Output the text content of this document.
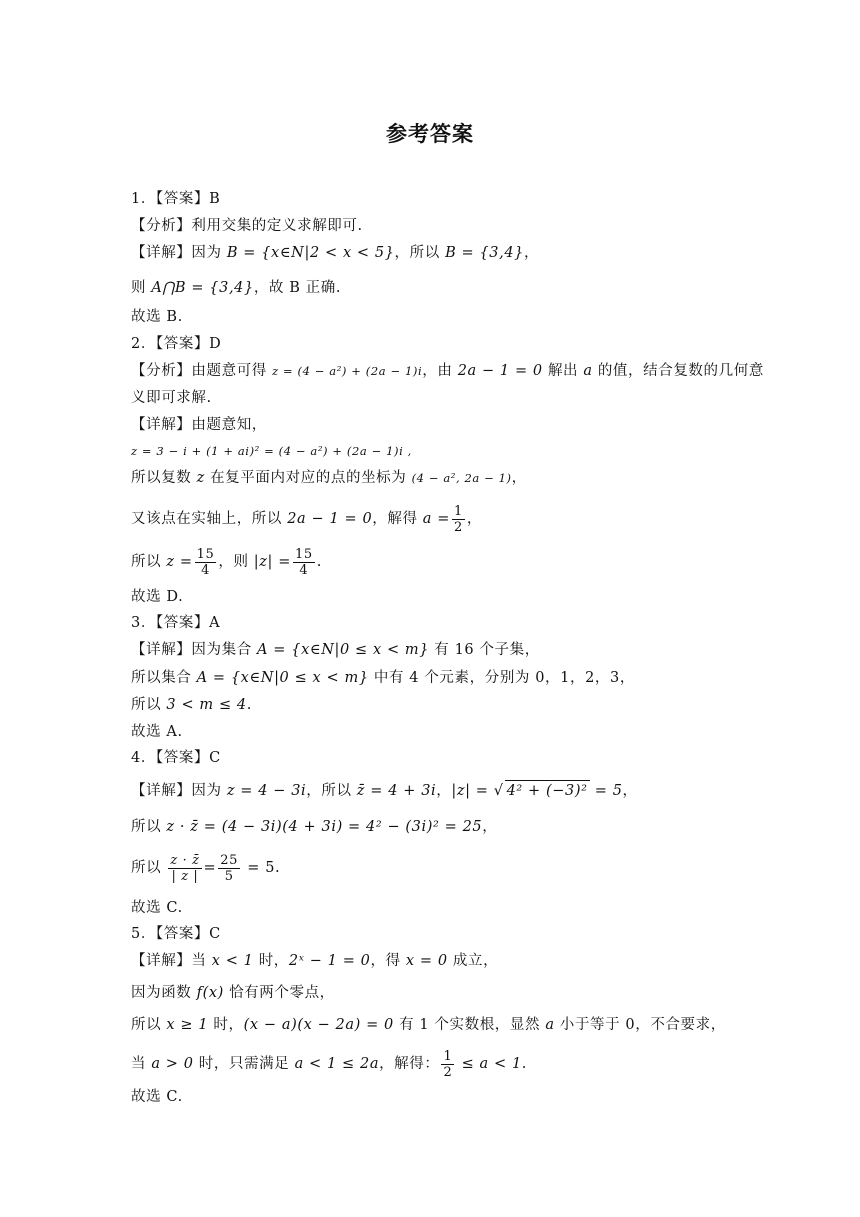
参考答案
1．【答案】B
【分析】利用交集的定义求解即可.
【详解】因为 B = {x∈N|2 < x < 5}，所以 B = {3,4}，
则 A⋂B = {3,4}，故 B 正确.
故选 B.
2．【答案】D
【分析】由题意可得 z = (4 − a²) + (2a − 1)i，由 2a − 1 = 0 解出 a 的值，结合复数的几何意
义即可求解.
【详解】由题意知，
z = 3 − i + (1 + ai)² = (4 − a²) + (2a − 1)i ,
所以复数 z 在复平面内对应的点的坐标为 (4 − a², 2a − 1)，
又该点在实轴上，所以 2a − 1 = 0，解得 $a = \frac{1}{2}$ ，
所以 $z = \frac{15}{4}$ ，则 $|z| = \frac{15}{4}$ .
故选 D.
3．【答案】A
【详解】因为集合 A = {x∈N|0 ≤ x < m} 有 16 个子集，
所以集合 A = {x∈N|0 ≤ x < m} 中有 4 个元素，分别为 0，1，2，3，
所以 3 < m ≤ 4.
故选 A.
4．【答案】C
【详解】因为 z = 4 − 3i，所以 z̄ = 4 + 3i，|z| = √ 4² + (−3)² = 5，
所以 z · z̄ = (4 − 3i)(4 + 3i) = 4² − (3i)² = 25，
所以 $\frac{z \cdot z̄}{| z |} = \frac{25}{5} = 5$.
故选 C.
5．【答案】C
【详解】当 x < 1 时，2ˣ − 1 = 0，得 x = 0 成立，
因为函数 f(x) 恰有两个零点，
所以 x ≥ 1 时，(x − a)(x − 2a) = 0 有 1 个实数根，显然 a 小于等于 0，不合要求，
当 a > 0 时，只需满足 a < 1 ≤ 2a，解得： $\frac{1}{2} \le a < 1$.
故选 C.
